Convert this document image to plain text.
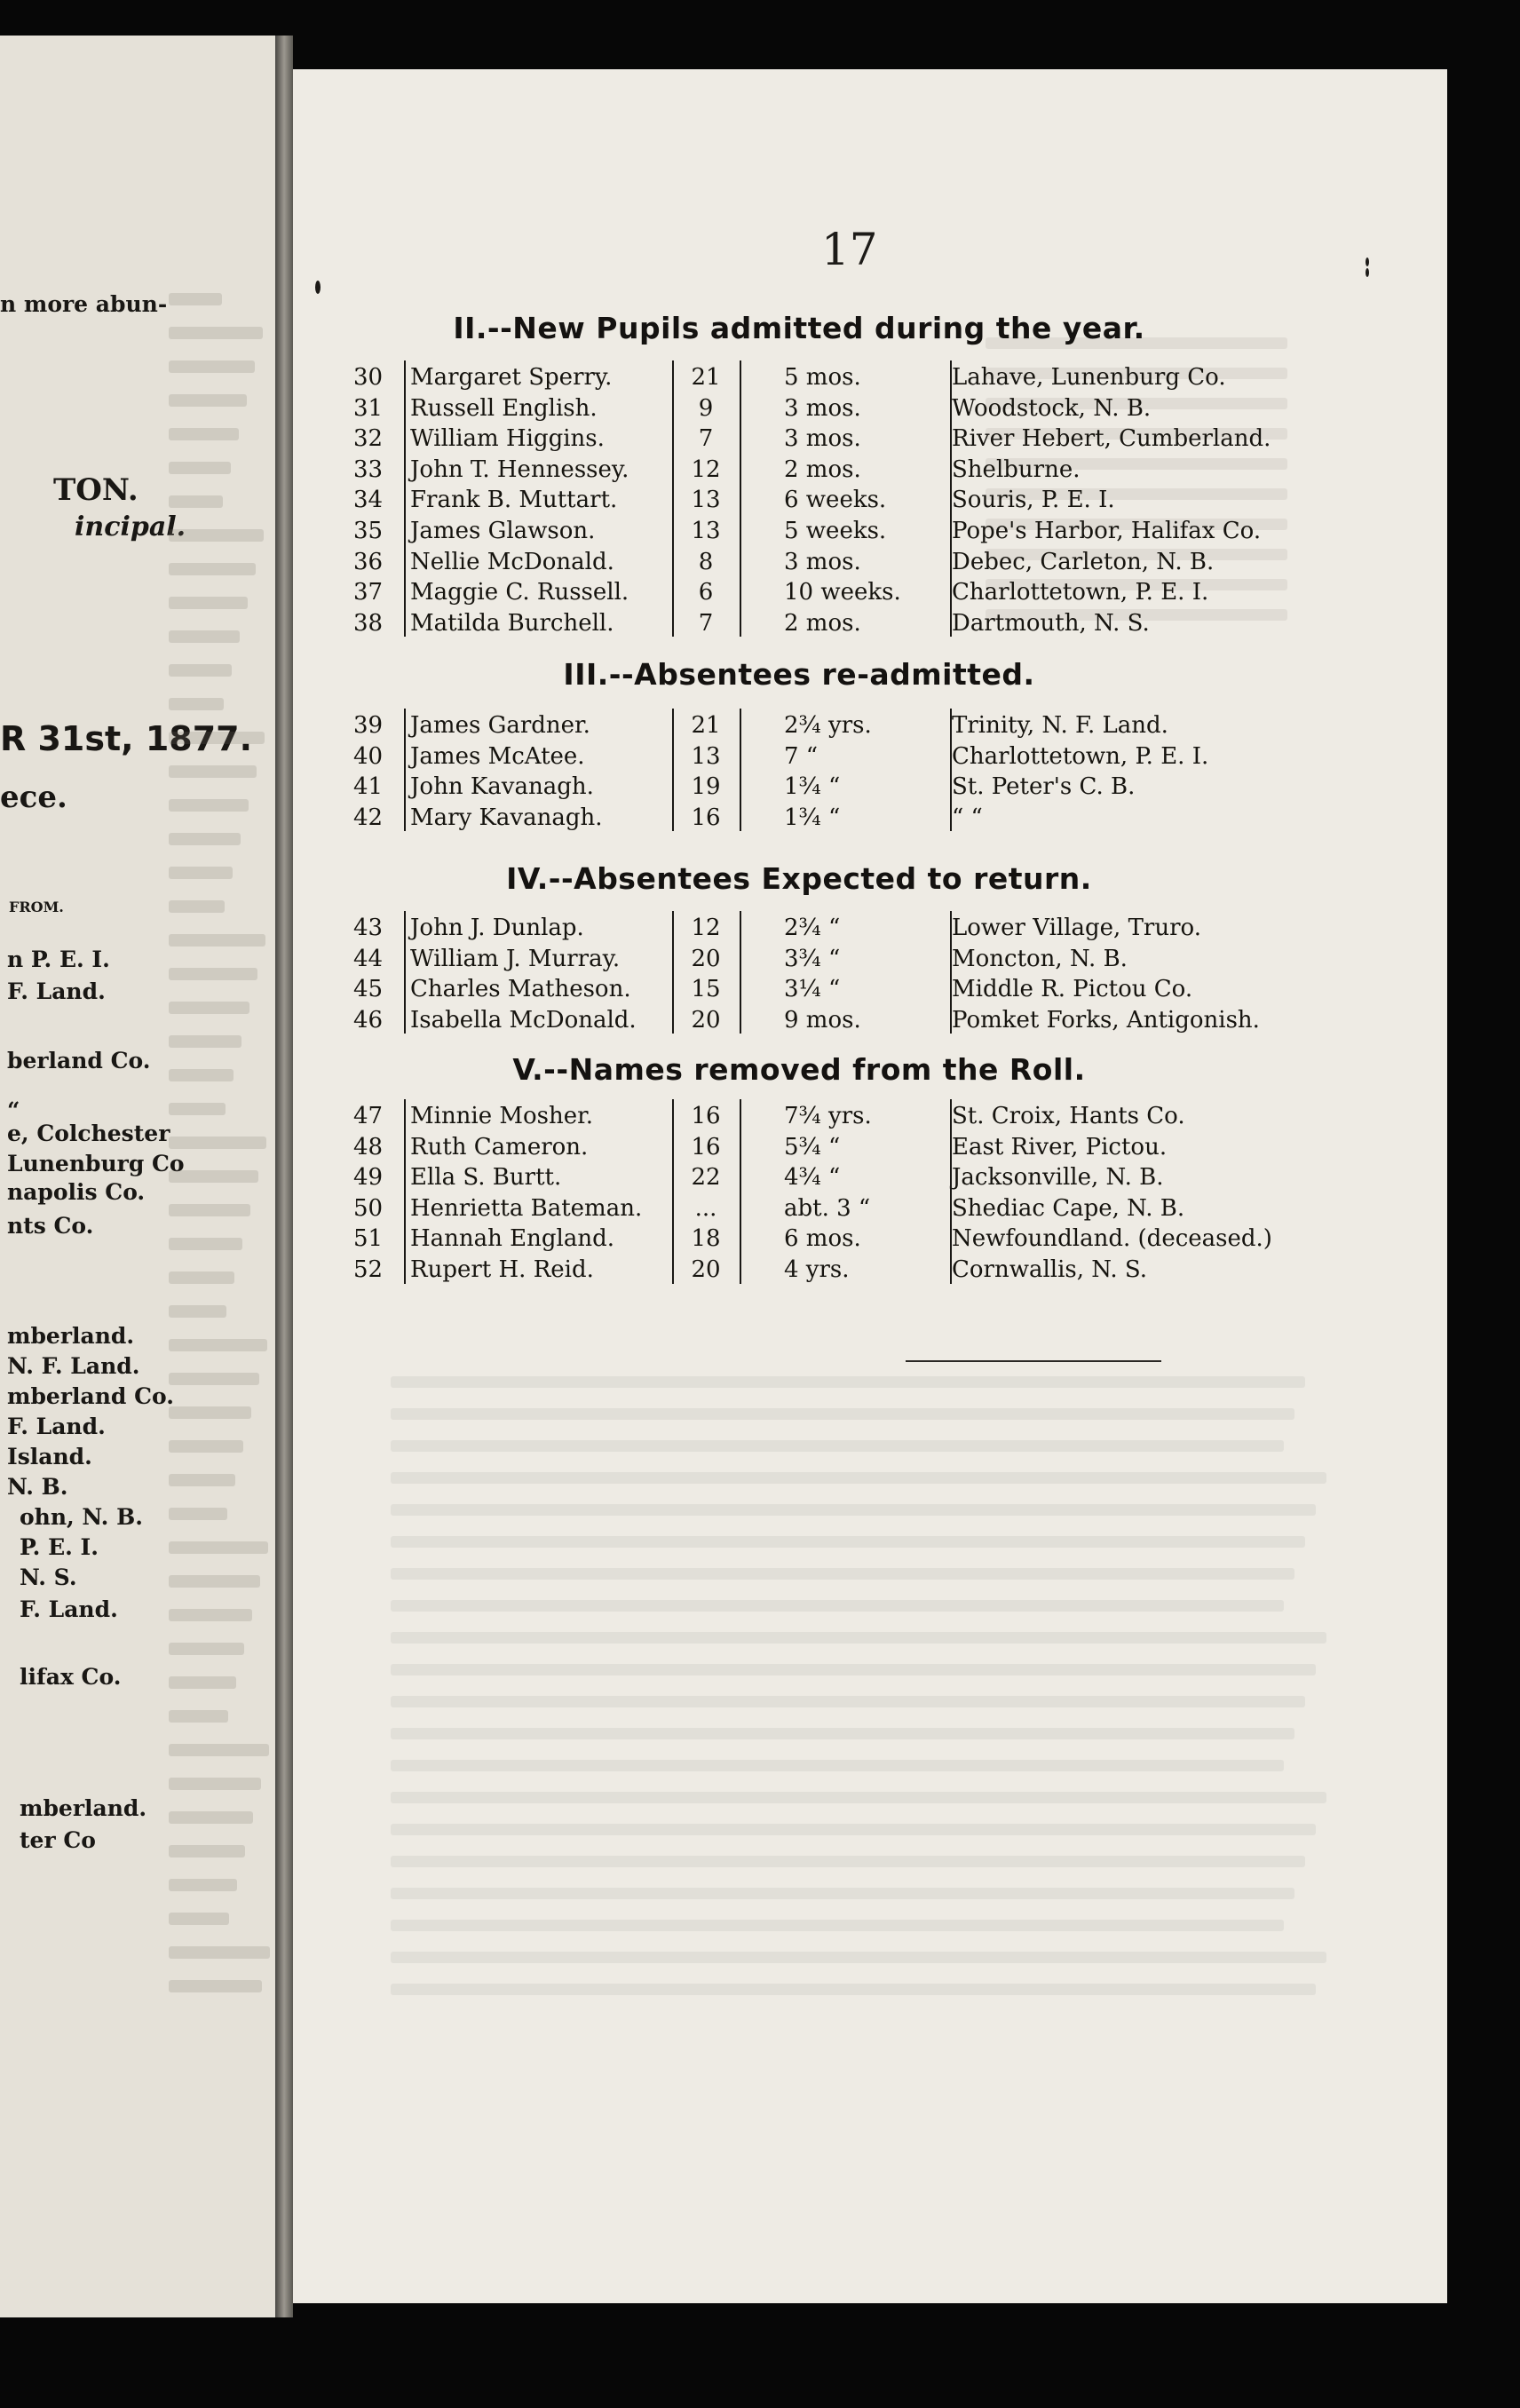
n more abun-
TON.
incipal.
R 31st, 1877.
ece.
FROM.
n P. E. I.
F. Land.
berland Co.
“
e, Colchester
Lunenburg Co
napolis Co.
nts Co.
mberland.
N. F. Land.
mberland Co.
F. Land.
Island.
N. B.
ohn, N. B.
P. E. I.
N. S.
F. Land.
lifax Co.
mberland.
ter Co
17
II.--New Pupils admitted during the year.
30 Margaret Sperry.	21	5 mos.	Lahave, Lunenburg Co.
31 Russell English.	9	3 mos.	Woodstock, N. B.
32 William Higgins.	7	3 mos.	River Hebert, Cumberland.
33 John T. Hennessey.	12	2 mos.	Shelburne.
34 Frank B. Muttart.	13	6 weeks.	Souris, P. E. I.
35 James Glawson.	13	5 weeks.	Pope's Harbor, Halifax Co.
36 Nellie McDonald.	8	3 mos.	Debec, Carleton, N. B.
37 Maggie C. Russell.	6	10 weeks. Charlottetown, P. E. I.
38 Matilda Burchell.	7	2 mos.	Dartmouth, N. S.
III.--Absentees re-admitted.
39 James Gardner.	21	2¾ yrs.	Trinity, N. F. Land.
40 James McAtee.	13	7 “	Charlottetown, P. E. I.
41 John Kavanagh.	19	1¾ “	St. Peter's C. B.
42 Mary Kavanagh.	16	1¾ “	“ “
IV.--Absentees Expected to return.
43 John J. Dunlap.	12	2¾ “	Lower Village, Truro.
44 William J. Murray.	20	3¾ “	Moncton, N. B.
45 Charles Matheson.	15	3¼ “	Middle R. Pictou Co.
46 Isabella McDonald.	20	9 mos.	Pomket Forks, Antigonish.
V.--Names removed from the Roll.
47 Minnie Mosher.	16	7¾ yrs.	St. Croix, Hants Co.
48 Ruth Cameron.	16	5¾ “	East River, Pictou.
49 Ella S. Burtt.	22	4¾ “	Jacksonville, N. B.
50 Henrietta Bateman.	...	abt. 3 “	Shediac Cape, N. B.
51 Hannah England.	18	6 mos.	Newfoundland. (deceased.)
52 Rupert H. Reid.	20	4 yrs.	Cornwallis, N. S.
